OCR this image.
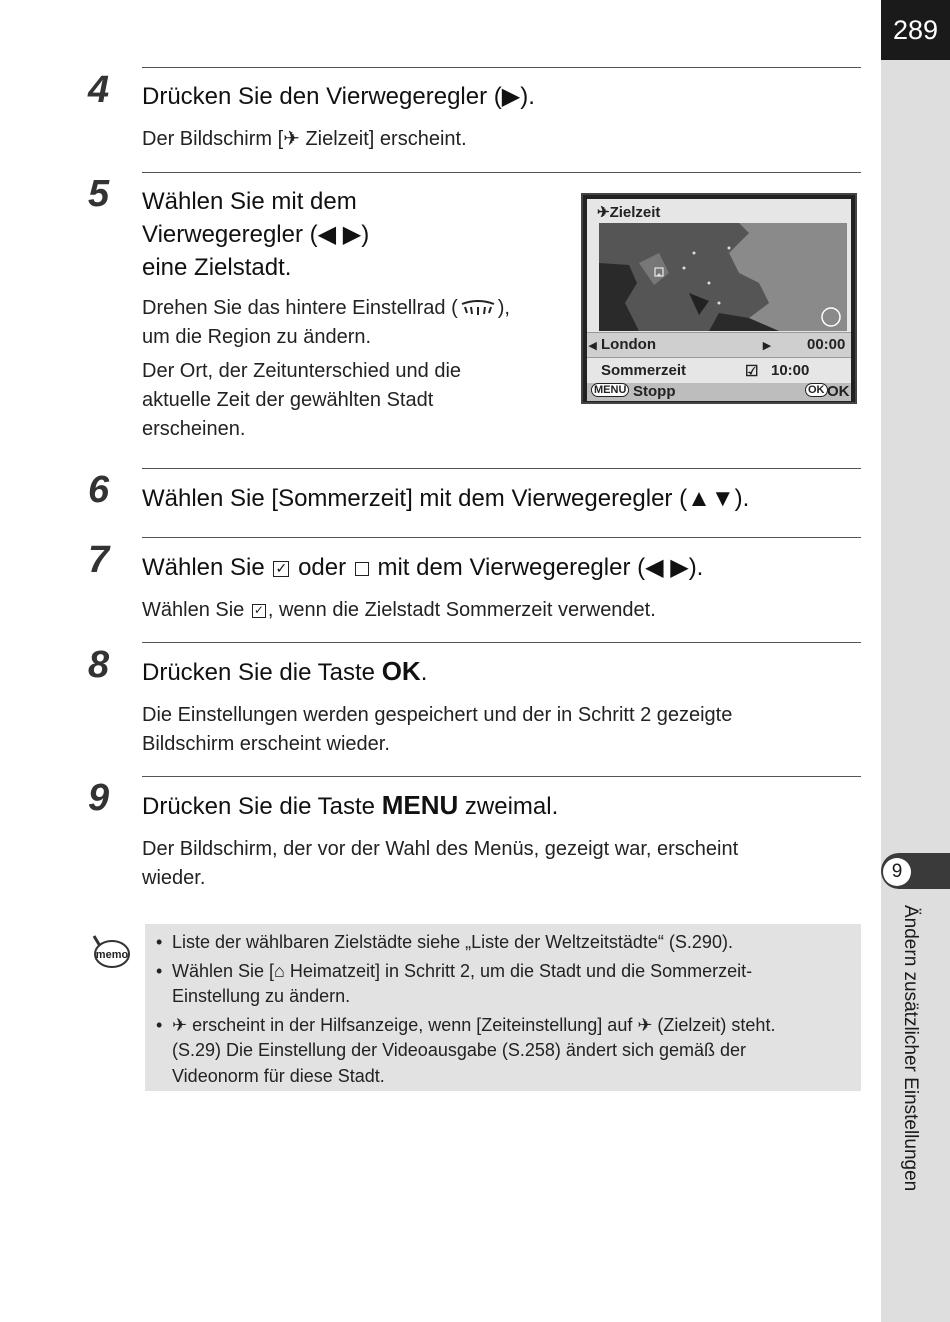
289
9
Ändern zusätzlicher Einstellungen
4 Drücken Sie den Vierwegeregler (▶).
Der Bildschirm [✈ Zielzeit] erscheint.
5 Wählen Sie mit dem
Vierwegeregler (◀ ▶)
eine Zielstadt.
Drehen Sie das hintere Einstellrad ( ),
um die Region zu ändern.
Der Ort, der Zeitunterschied und die
aktuelle Zeit der gewählten Stadt
erscheinen.
✈Zielzeit
◂ London	▸ 00:00
Sommerzeit	☑ 10:00
MENU Stopp	OK OK
6 Wählen Sie [Sommerzeit] mit dem Vierwegeregler (▲▼).
7 Wählen Sie ✓ oder  mit dem Vierwegeregler (◀ ▶).
Wählen Sie ✓ , wenn die Zielstadt Sommerzeit verwendet.
8 Drücken Sie die Taste OK.
Die Einstellungen werden gespeichert und der in Schritt 2 gezeigte
Bildschirm erscheint wieder.
9 Drücken Sie die Taste MENU zweimal.
Der Bildschirm, der vor der Wahl des Menüs, gezeigt war, erscheint
wieder.
memo
• Liste der wählbaren Zielstädte siehe „Liste der Weltzeitstädte“ (S.290).
• Wählen Sie [⌂ Heimatzeit] in Schritt 2, um die Stadt und die Sommerzeit-
Einstellung zu ändern.
• ✈ erscheint in der Hilfsanzeige, wenn [Zeiteinstellung] auf ✈ (Zielzeit) steht.
(S.29) Die Einstellung der Videoausgabe (S.258) ändert sich gemäß der
Videonorm für diese Stadt.
